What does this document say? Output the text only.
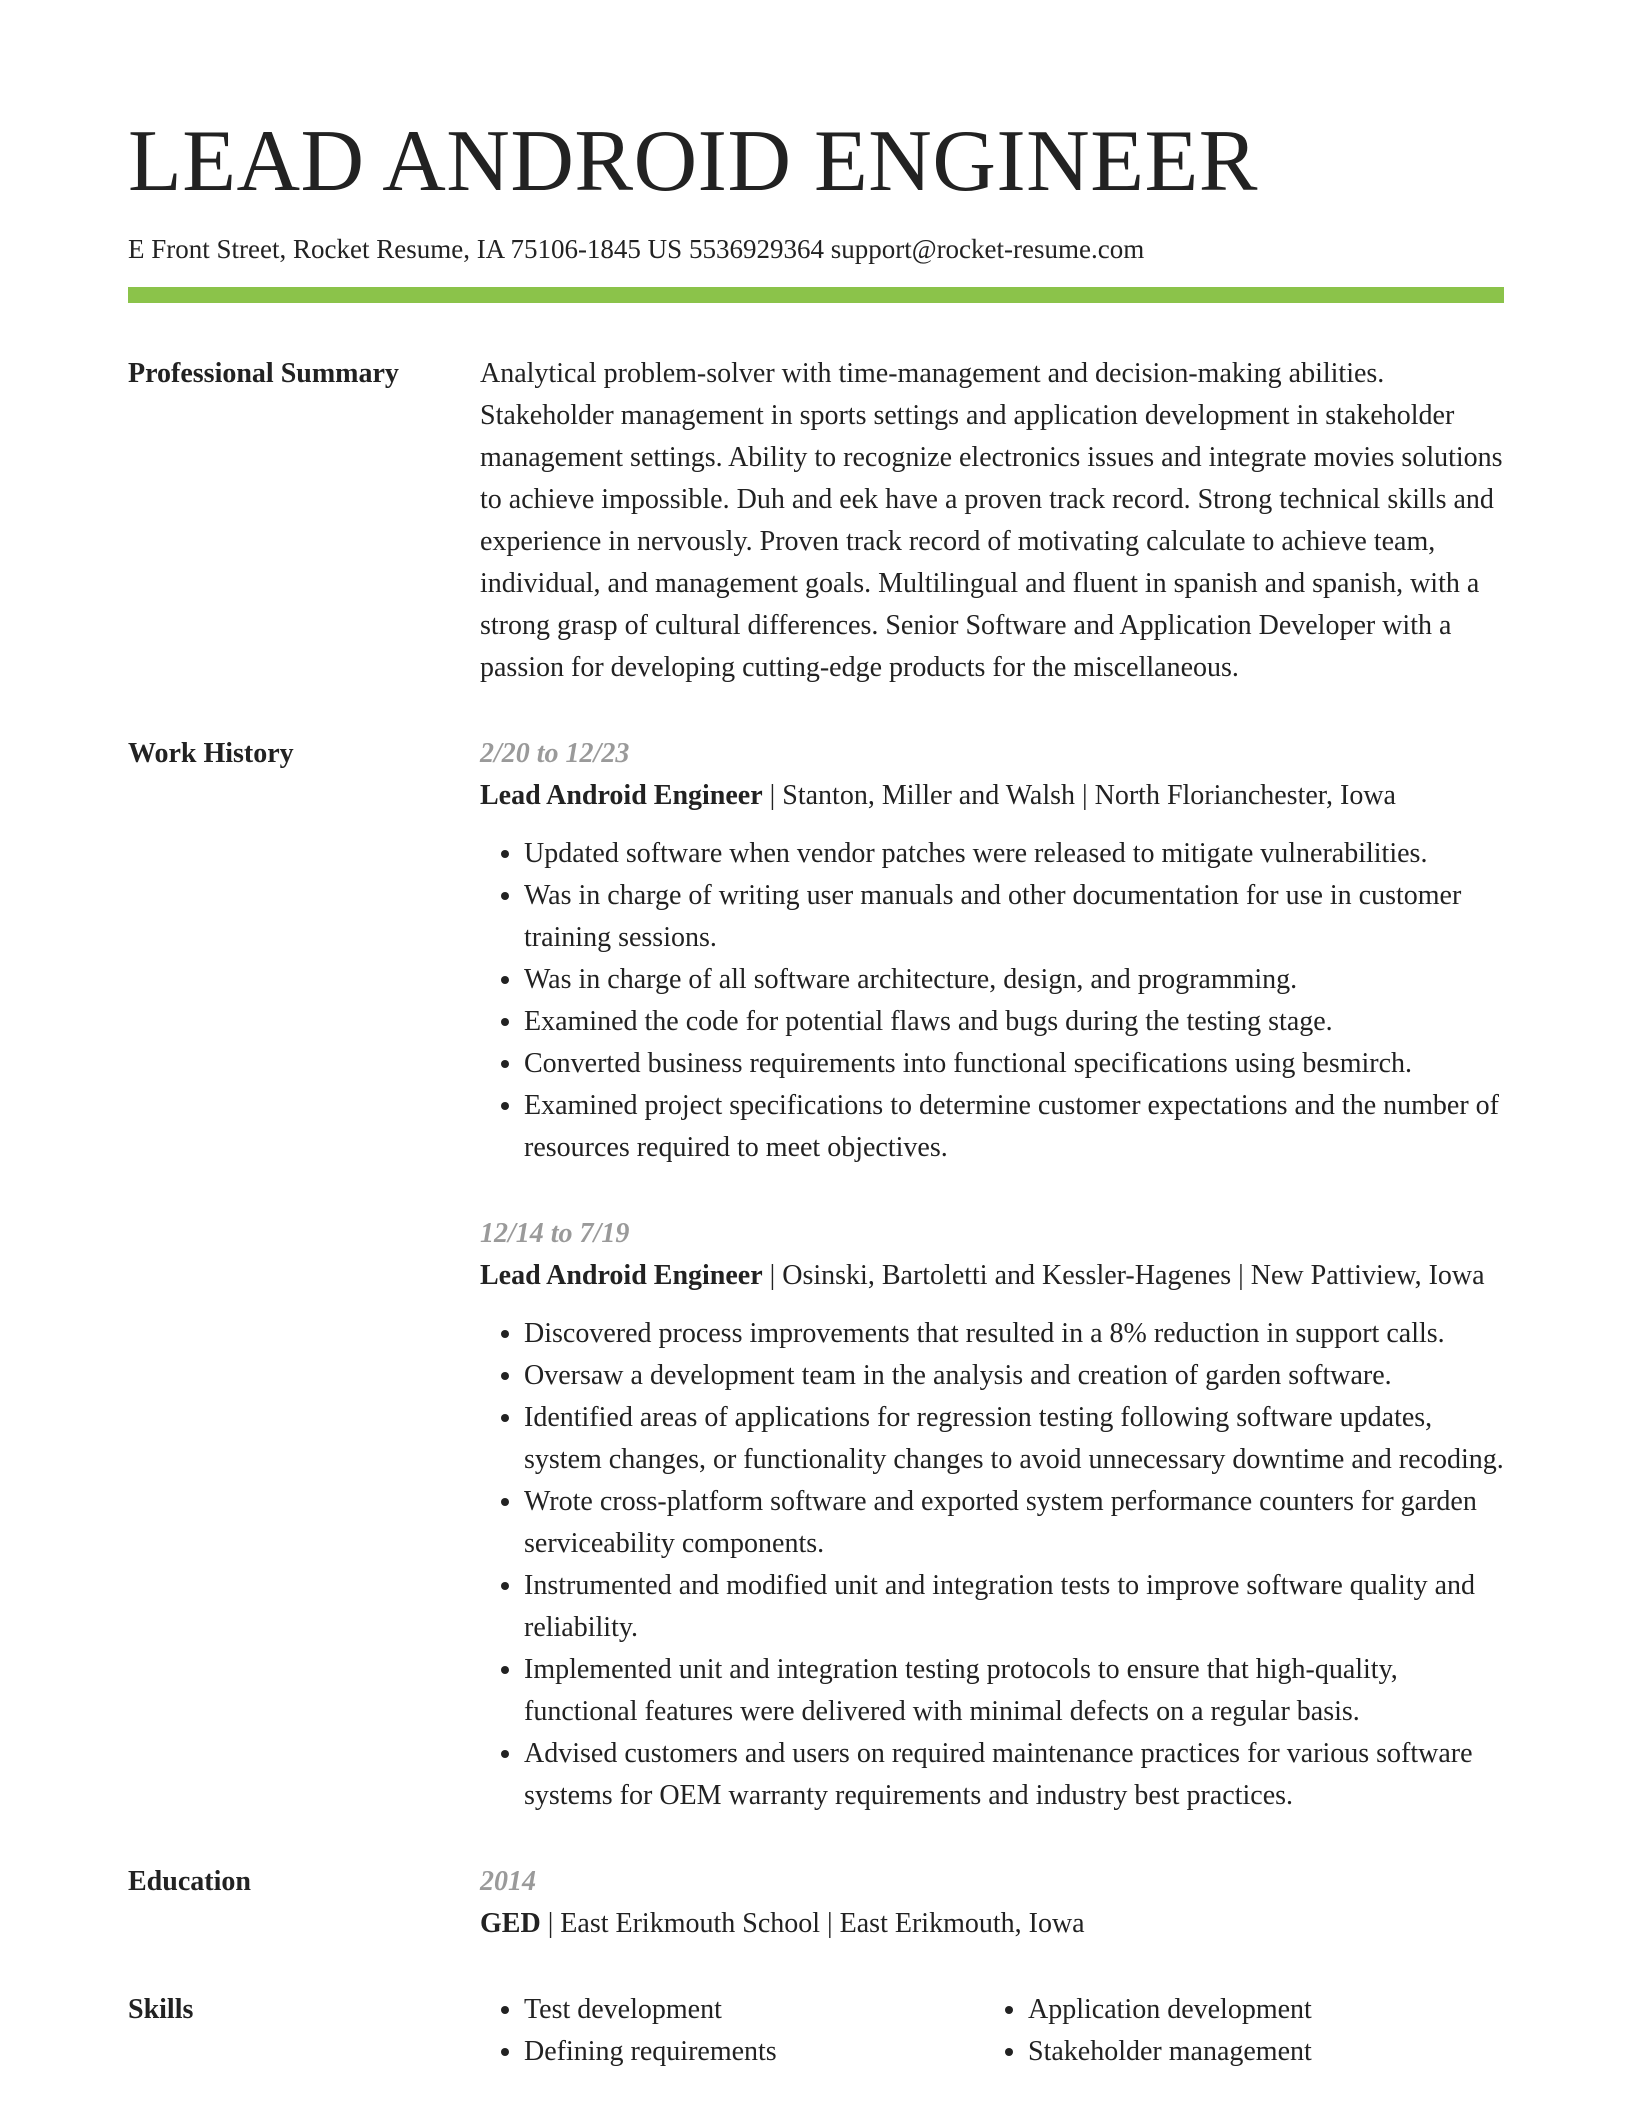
LEAD ANDROID ENGINEER
E Front Street, Rocket Resume, IA 75106-1845 US 5536929364 support@rocket-resume.com
Professional Summary	Analytical problem-solver with time-management and decision-making abilities. Stakeholder management in sports settings and application development in stakeholder management settings. Ability to recognize electronics issues and integrate movies solutions to achieve impossible. Duh and eek have a proven track record. Strong technical skills and experience in nervously. Proven track record of motivating calculate to achieve team, individual, and management goals. Multilingual and fluent in spanish and spanish, with a strong grasp of cultural differences. Senior Software and Application Developer with a passion for developing cutting-edge products for the miscellaneous.

Work History	2/20 to 12/23
Lead Android Engineer | Stanton, Miller and Walsh | North Florianchester, Iowa
• Updated software when vendor patches were released to mitigate vulnerabilities.
• Was in charge of writing user manuals and other documentation for use in customer training sessions.
• Was in charge of all software architecture, design, and programming.
• Examined the code for potential flaws and bugs during the testing stage.
• Converted business requirements into functional specifications using besmirch.
• Examined project specifications to determine customer expectations and the number of resources required to meet objectives.
12/14 to 7/19
Lead Android Engineer | Osinski, Bartoletti and Kessler-Hagenes | New Pattiview, Iowa
• Discovered process improvements that resulted in a 8% reduction in support calls.
• Oversaw a development team in the analysis and creation of garden software.
• Identified areas of applications for regression testing following software updates, system changes, or functionality changes to avoid unnecessary downtime and recoding.
• Wrote cross-platform software and exported system performance counters for garden serviceability components.
• Instrumented and modified unit and integration tests to improve software quality and reliability.
• Implemented unit and integration testing protocols to ensure that high-quality, functional features were delivered with minimal defects on a regular basis.
• Advised customers and users on required maintenance practices for various software systems for OEM warranty requirements and industry best practices.
Education	2014
GED | East Erikmouth School | East Erikmouth, Iowa
Skills
•	Test development
• Defining requirements
• Application development
• Stakeholder management
